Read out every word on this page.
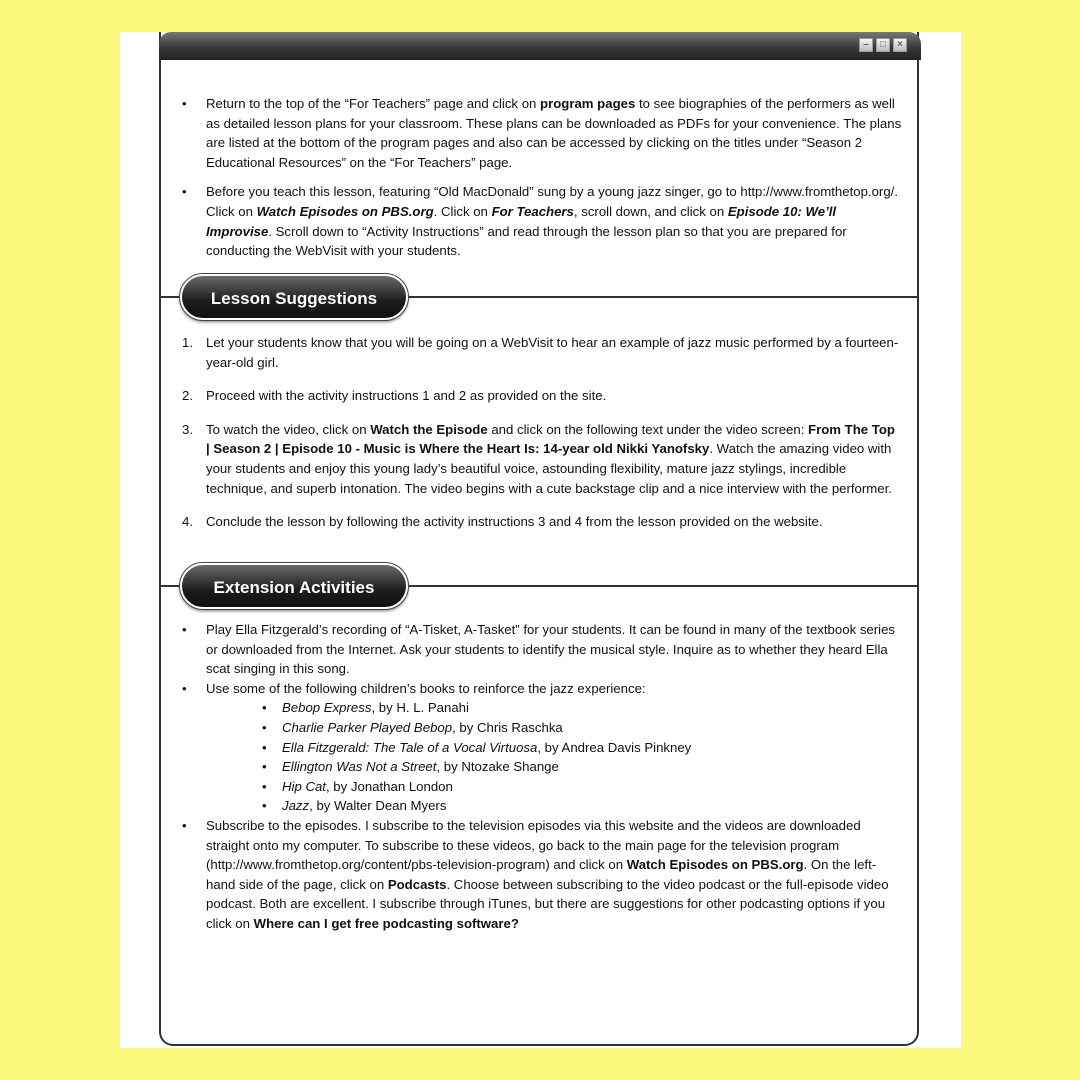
–	□	×
• Return to the top of the “For Teachers” page and click on program pages to see biographies of the performers as well as detailed lesson plans for your classroom. These plans can be downloaded as PDFs for your convenience. The plans are listed at the bottom of the program pages and also can be accessed by clicking on the titles under “Season 2 Educational Resources” on the “For Teachers” page.
• Before you teach this lesson, featuring “Old MacDonald” sung by a young jazz singer, go to http://www.fromthetop.org/. Click on Watch Episodes on PBS.org. Click on For Teachers, scroll down, and click on Episode 10: We’ll Improvise. Scroll down to “Activity Instructions” and read through the lesson plan so that you are prepared for conducting the WebVisit with your students.
Lesson Suggestions
1. Let your students know that you will be going on a WebVisit to hear an example of jazz music performed by a fourteen-year-old girl.
2. Proceed with the activity instructions 1 and 2 as provided on the site.
3. To watch the video, click on Watch the Episode and click on the following text under the video screen: From The Top | Season 2 | Episode 10 - Music is Where the Heart Is: 14-year old Nikki Yanofsky. Watch the amazing video with your students and enjoy this young lady’s beautiful voice, astounding flexibility, mature jazz stylings, incredible technique, and superb intonation. The video begins with a cute backstage clip and a nice interview with the performer.
4. Conclude the lesson by following the activity instructions 3 and 4 from the lesson provided on the website.
Extension Activities
• Play Ella Fitzgerald’s recording of “A-Tisket, A-Tasket” for your students. It can be found in many of the textbook series or downloaded from the Internet. Ask your students to identify the musical style. Inquire as to whether they heard Ella scat singing in this song.
• Use some of the following children’s books to reinforce the jazz experience:
• Bebop Express, by H. L. Panahi
• Charlie Parker Played Bebop, by Chris Raschka
• Ella Fitzgerald: The Tale of a Vocal Virtuosa, by Andrea Davis Pinkney
• Ellington Was Not a Street, by Ntozake Shange
• Hip Cat, by Jonathan London
• Jazz, by Walter Dean Myers
• Subscribe to the episodes. I subscribe to the television episodes via this website and the videos are downloaded straight onto my computer. To subscribe to these videos, go back to the main page for the television program (http://www.fromthetop.org/content/pbs-television-program) and click on Watch Episodes on PBS.org. On the left-hand side of the page, click on Podcasts. Choose between subscribing to the video podcast or the full-episode video podcast. Both are excellent. I subscribe through iTunes, but there are suggestions for other podcasting options if you click on Where can I get free podcasting software?
